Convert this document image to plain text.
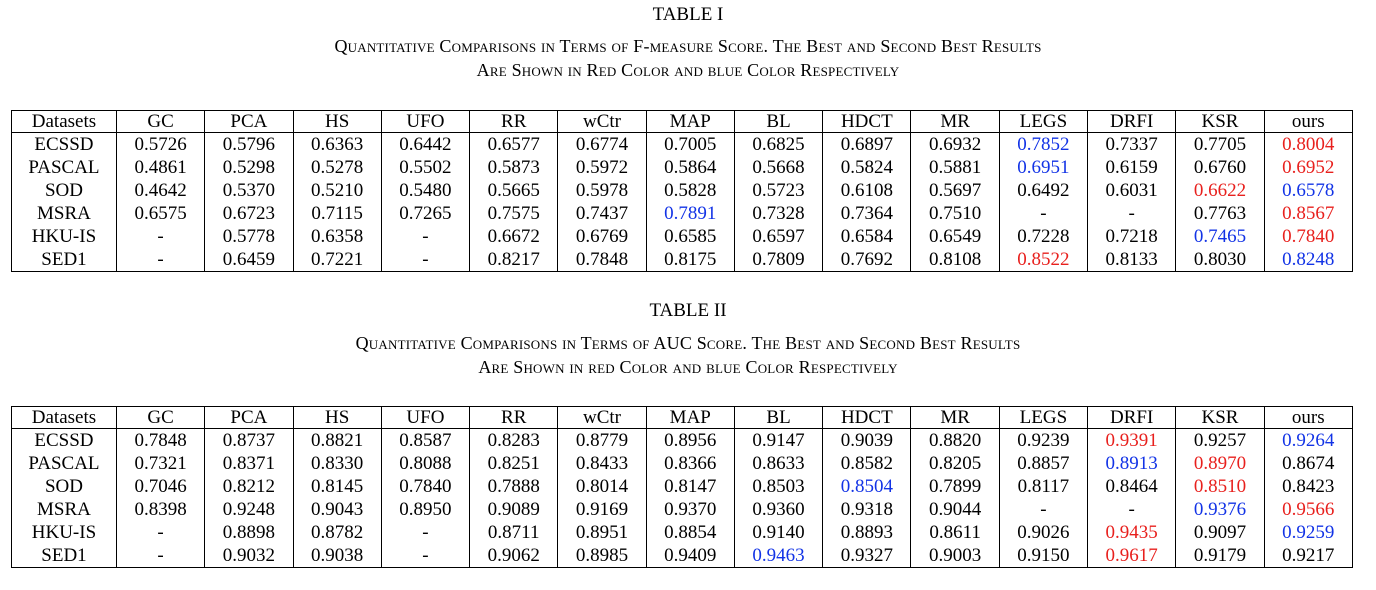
TABLE I
Quantitative Comparisons in Terms of F-measure Score. The Best and Second Best Results
Are Shown in Red Color and blue Color Respectively
Datasets	GC	PCA	HS	UFO	RR	wCtr	MAP	BL	HDCT	MR	LEGS	DRFI	KSR	ours
ECSSD	0.5726	0.5796	0.6363	0.6442	0.6577	0.6774	0.7005	0.6825	0.6897	0.6932	0.7852	0.7337	0.7705	0.8004
PASCAL	0.4861	0.5298	0.5278	0.5502	0.5873	0.5972	0.5864	0.5668	0.5824	0.5881	0.6951	0.6159	0.6760	0.6952
SOD	0.4642	0.5370	0.5210	0.5480	0.5665	0.5978	0.5828	0.5723	0.6108	0.5697	0.6492	0.6031	0.6622	0.6578
MSRA	0.6575	0.6723	0.7115	0.7265	0.7575	0.7437	0.7891	0.7328	0.7364	0.7510	-	-	0.7763	0.8567
HKU-IS	-	0.5778	0.6358	-	0.6672	0.6769	0.6585	0.6597	0.6584	0.6549	0.7228	0.7218	0.7465	0.7840
SED1	-	0.6459	0.7221	-	0.8217	0.7848	0.8175	0.7809	0.7692	0.8108	0.8522	0.8133	0.8030	0.8248
TABLE II
Quantitative Comparisons in Terms of AUC Score. The Best and Second Best Results
Are Shown in red Color and blue Color Respectively
Datasets	GC	PCA	HS	UFO	RR	wCtr	MAP	BL	HDCT	MR	LEGS	DRFI	KSR	ours
ECSSD	0.7848	0.8737	0.8821	0.8587	0.8283	0.8779	0.8956	0.9147	0.9039	0.8820	0.9239	0.9391	0.9257	0.9264
PASCAL	0.7321	0.8371	0.8330	0.8088	0.8251	0.8433	0.8366	0.8633	0.8582	0.8205	0.8857	0.8913	0.8970	0.8674
SOD	0.7046	0.8212	0.8145	0.7840	0.7888	0.8014	0.8147	0.8503	0.8504	0.7899	0.8117	0.8464	0.8510	0.8423
MSRA	0.8398	0.9248	0.9043	0.8950	0.9089	0.9169	0.9370	0.9360	0.9318	0.9044	-	-	0.9376	0.9566
HKU-IS	-	0.8898	0.8782	-	0.8711	0.8951	0.8854	0.9140	0.8893	0.8611	0.9026	0.9435	0.9097	0.9259
SED1	-	0.9032	0.9038	-	0.9062	0.8985	0.9409	0.9463	0.9327	0.9003	0.9150	0.9617	0.9179	0.9217
